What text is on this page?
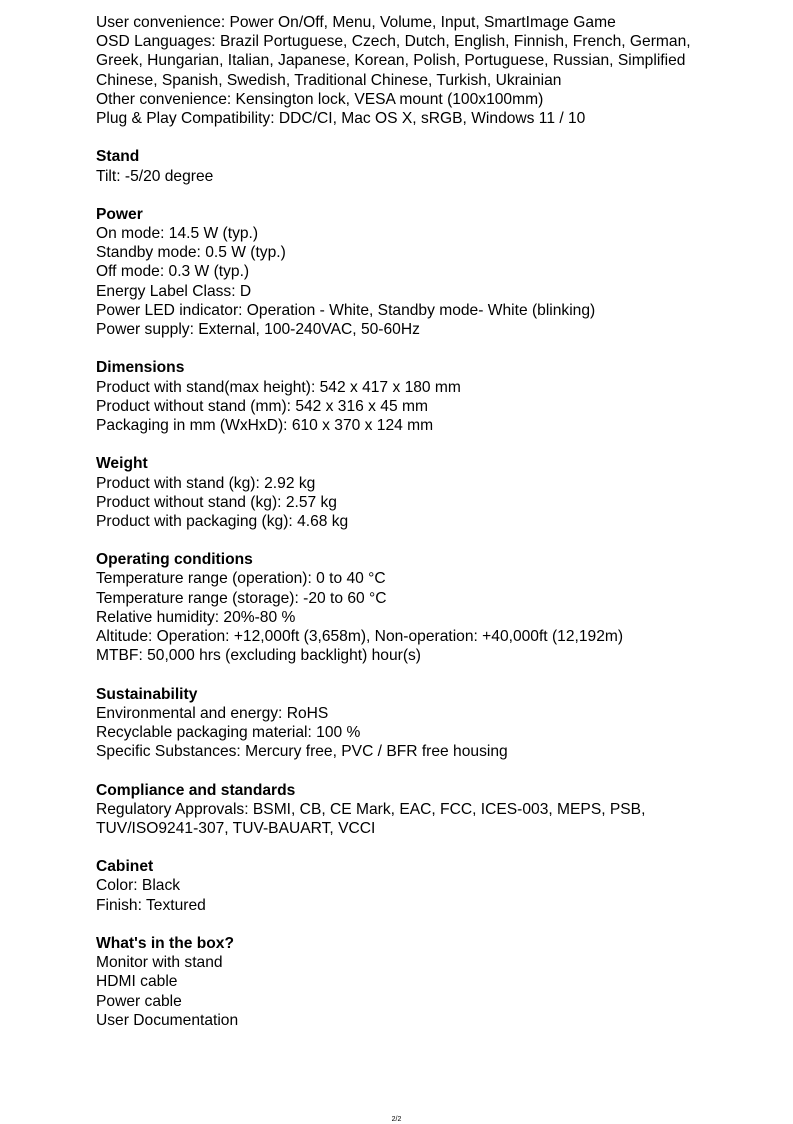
User convenience: Power On/Off, Menu, Volume, Input, SmartImage Game
OSD Languages: Brazil Portuguese, Czech, Dutch, English, Finnish, French, German,
Greek, Hungarian, Italian, Japanese, Korean, Polish, Portuguese, Russian, Simplified
Chinese, Spanish, Swedish, Traditional Chinese, Turkish, Ukrainian
Other convenience: Kensington lock, VESA mount (100x100mm)
Plug & Play Compatibility: DDC/CI, Mac OS X, sRGB, Windows 11 / 10
Stand
Tilt: -5/20 degree
Power
On mode: 14.5 W (typ.)
Standby mode: 0.5 W (typ.)
Off mode: 0.3 W (typ.)
Energy Label Class: D
Power LED indicator: Operation - White, Standby mode- White (blinking)
Power supply: External, 100-240VAC, 50-60Hz
Dimensions
Product with stand(max height): 542 x 417 x 180 mm
Product without stand (mm): 542 x 316 x 45 mm
Packaging in mm (WxHxD): 610 x 370 x 124 mm
Weight
Product with stand (kg): 2.92 kg
Product without stand (kg): 2.57 kg
Product with packaging (kg): 4.68 kg
Operating conditions
Temperature range (operation): 0 to 40 °C
Temperature range (storage): -20 to 60 °C
Relative humidity: 20%-80 %
Altitude: Operation: +12,000ft (3,658m), Non-operation: +40,000ft (12,192m)
MTBF: 50,000 hrs (excluding backlight) hour(s)
Sustainability
Environmental and energy: RoHS
Recyclable packaging material: 100 %
Specific Substances: Mercury free, PVC / BFR free housing
Compliance and standards
Regulatory Approvals: BSMI, CB, CE Mark, EAC, FCC, ICES-003, MEPS, PSB,
TUV/ISO9241-307, TUV-BAUART, VCCI
Cabinet
Color: Black
Finish: Textured
What's in the box?
Monitor with stand
HDMI cable
Power cable
User Documentation
2/2
